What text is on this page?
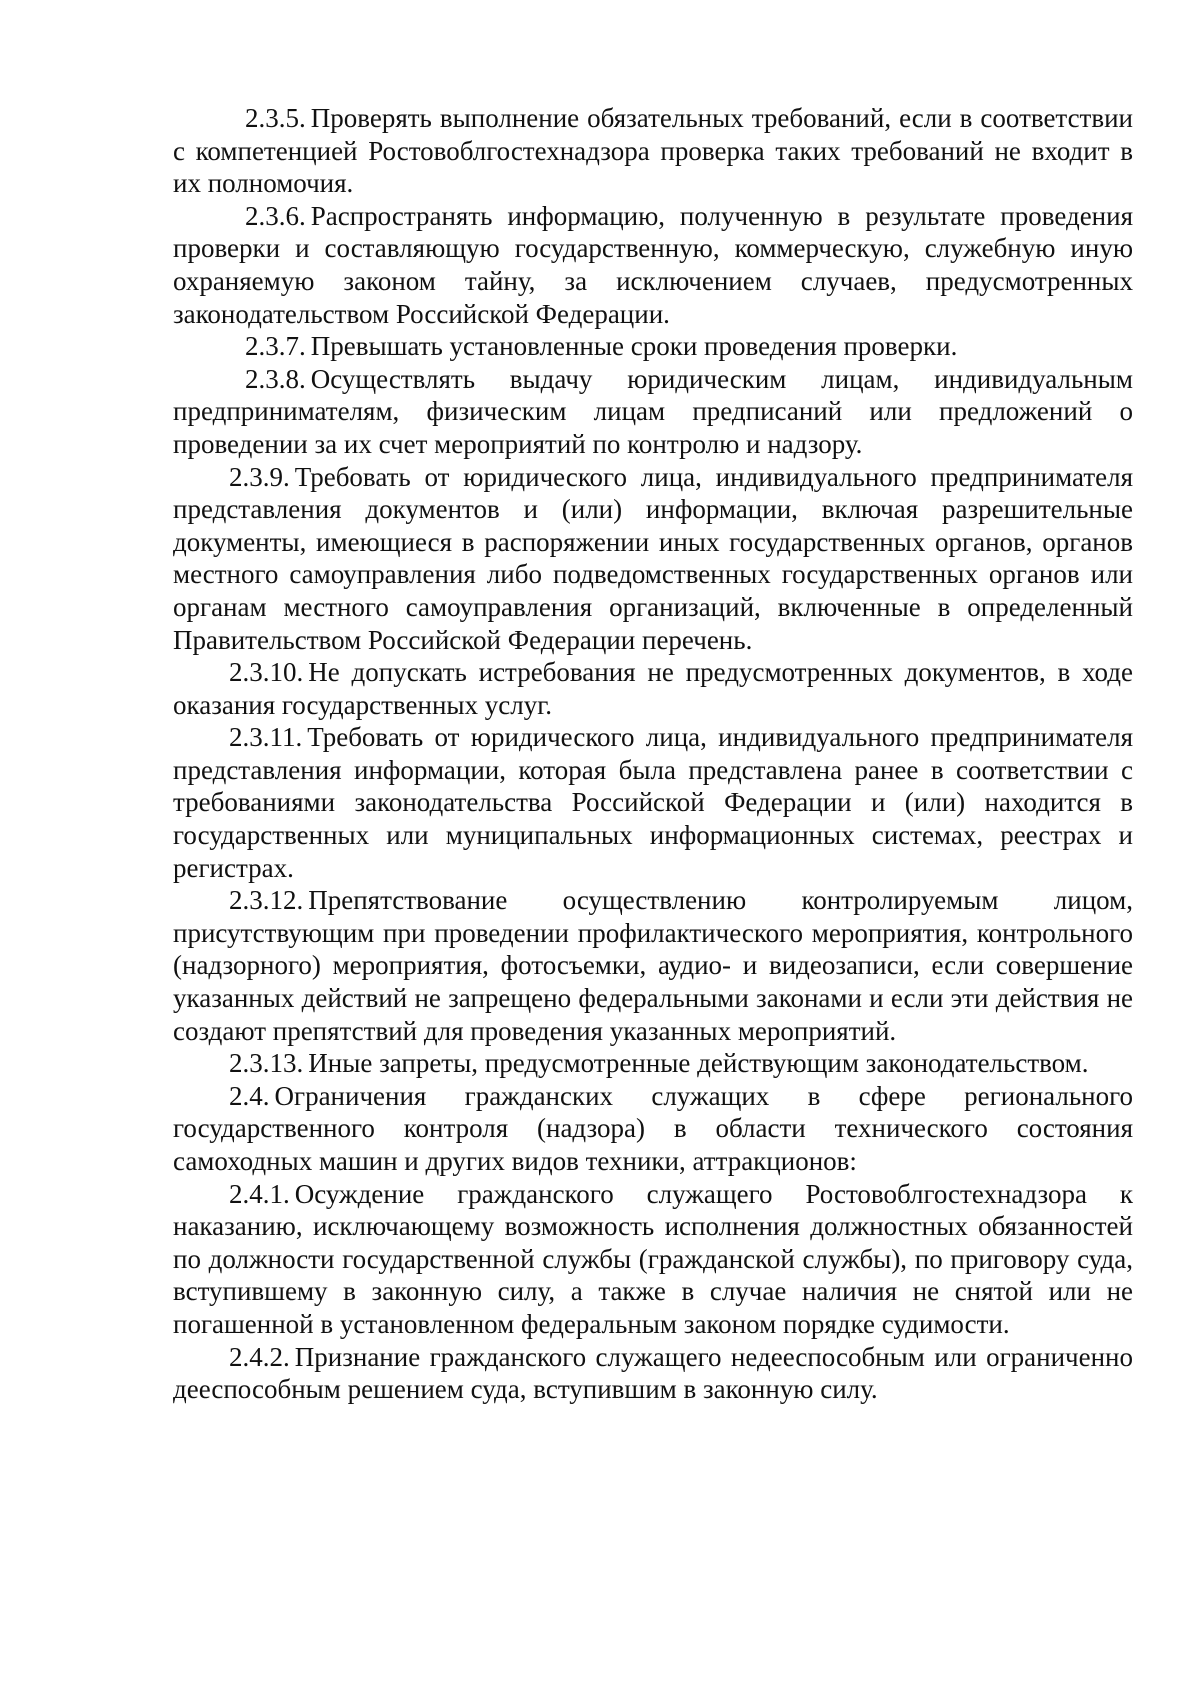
2.3.5. Проверять выполнение обязательных требований, если в соответствии с компетенцией Ростовоблгостехнадзора проверка таких требований не входит в их полномочия.

2.3.6. Распространять информацию, полученную в результате проведения проверки и составляющую государственную, коммерческую, служебную иную охраняемую законом тайну, за исключением случаев, предусмотренных законодательством Российской Федерации.

2.3.7. Превышать установленные сроки проведения проверки.

2.3.8. Осуществлять выдачу юридическим лицам, индивидуальным предпринимателям, физическим лицам предписаний или предложений о проведении за их счет мероприятий по контролю и надзору.

2.3.9. Требовать от юридического лица, индивидуального предпринимателя представления документов и (или) информации, включая разрешительные документы, имеющиеся в распоряжении иных государственных органов, органов местного самоуправления либо подведомственных государственных органов или органам местного самоуправления организаций, включенные в определенный Правительством Российской Федерации перечень.

2.3.10. Не допускать истребования не предусмотренных документов, в ходе оказания государственных услуг.

2.3.11. Требовать от юридического лица, индивидуального предпринимателя представления информации, которая была представлена ранее в соответствии с требованиями законодательства Российской Федерации и (или) находится в государственных или муниципальных информационных системах, реестрах и регистрах.

2.3.12. Препятствование осуществлению контролируемым лицом, присутствующим при проведении профилактического мероприятия, контрольного (надзорного) мероприятия, фотосъемки, аудио- и видеозаписи, если совершение указанных действий не запрещено федеральными законами и если эти действия не создают препятствий для проведения указанных мероприятий.

2.3.13. Иные запреты, предусмотренные действующим законодательством.

2.4. Ограничения гражданских служащих в сфере регионального государственного контроля (надзора) в области технического состояния самоходных машин и других видов техники, аттракционов:

2.4.1. Осуждение гражданского служащего Ростовоблгостехнадзора к наказанию, исключающему возможность исполнения должностных обязанностей по должности государственной службы (гражданской службы), по приговору суда, вступившему в законную силу, а также в случае наличия не снятой или не погашенной в установленном федеральным законом порядке судимости.

2.4.2. Признание гражданского служащего недееспособным или ограниченно дееспособным решением суда, вступившим в законную силу.
